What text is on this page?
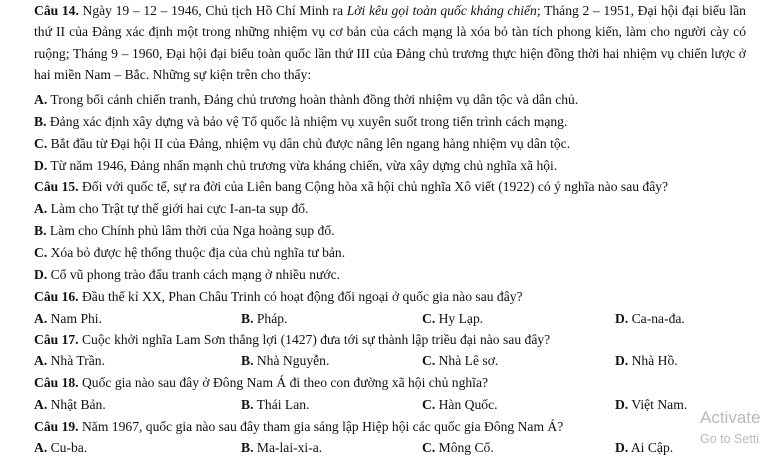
Câu 14. Ngày 19 – 12 – 1946, Chủ tịch Hồ Chí Minh ra Lời kêu gọi toàn quốc kháng chiến; Tháng 2 – 1951, Đại hội đại biểu lần thứ II của Đảng xác định một trong những nhiệm vụ cơ bản của cách mạng là xóa bỏ tàn tích phong kiến, làm cho người cày có ruộng; Tháng 9 – 1960, Đại hội đại biểu toàn quốc lần thứ III của Đảng chủ trương thực hiện đồng thời hai nhiệm vụ chiến lược ở hai miền Nam – Bắc. Những sự kiện trên cho thấy:
A. Trong bối cảnh chiến tranh, Đảng chủ trương hoàn thành đồng thời nhiệm vụ dân tộc và dân chủ.
B. Đảng xác định xây dựng và bảo vệ Tổ quốc là nhiệm vụ xuyên suốt trong tiến trình cách mạng.
C. Bắt đầu từ Đại hội II của Đảng, nhiệm vụ dân chủ được nâng lên ngang hàng nhiệm vụ dân tộc.
D. Từ năm 1946, Đảng nhấn mạnh chủ trương vừa kháng chiến, vừa xây dựng chủ nghĩa xã hội.
Câu 15. Đối với quốc tế, sự ra đời của Liên bang Cộng hòa xã hội chủ nghĩa Xô viết (1922) có ý nghĩa nào sau đây?
A. Làm cho Trật tự thế giới hai cực I-an-ta sụp đổ.
B. Làm cho Chính phủ lâm thời của Nga hoàng sụp đổ.
C. Xóa bỏ được hệ thống thuộc địa của chủ nghĩa tư bản.
D. Cổ vũ phong trào đấu tranh cách mạng ở nhiều nước.
Câu 16. Đầu thế kỉ XX, Phan Châu Trinh có hoạt động đối ngoại ở quốc gia nào sau đây?
A. Nam Phi.	B. Pháp.	C. Hy Lạp.	D. Ca-na-đa.
Câu 17. Cuộc khởi nghĩa Lam Sơn thắng lợi (1427) đưa tới sự thành lập triều đại nào sau đây?
A. Nhà Trần.	B. Nhà Nguyễn.	C. Nhà Lê sơ.	D. Nhà Hồ.
Câu 18. Quốc gia nào sau đây ở Đông Nam Á đi theo con đường xã hội chủ nghĩa?
A. Nhật Bản.	B. Thái Lan.	C. Hàn Quốc.	D. Việt Nam.
Câu 19. Năm 1967, quốc gia nào sau đây tham gia sáng lập Hiệp hội các quốc gia Đông Nam Á?
A. Cu-ba.	B. Ma-lai-xi-a.	C. Mông Cổ.	D. Ai Cập.
Activate
Go to Setti
